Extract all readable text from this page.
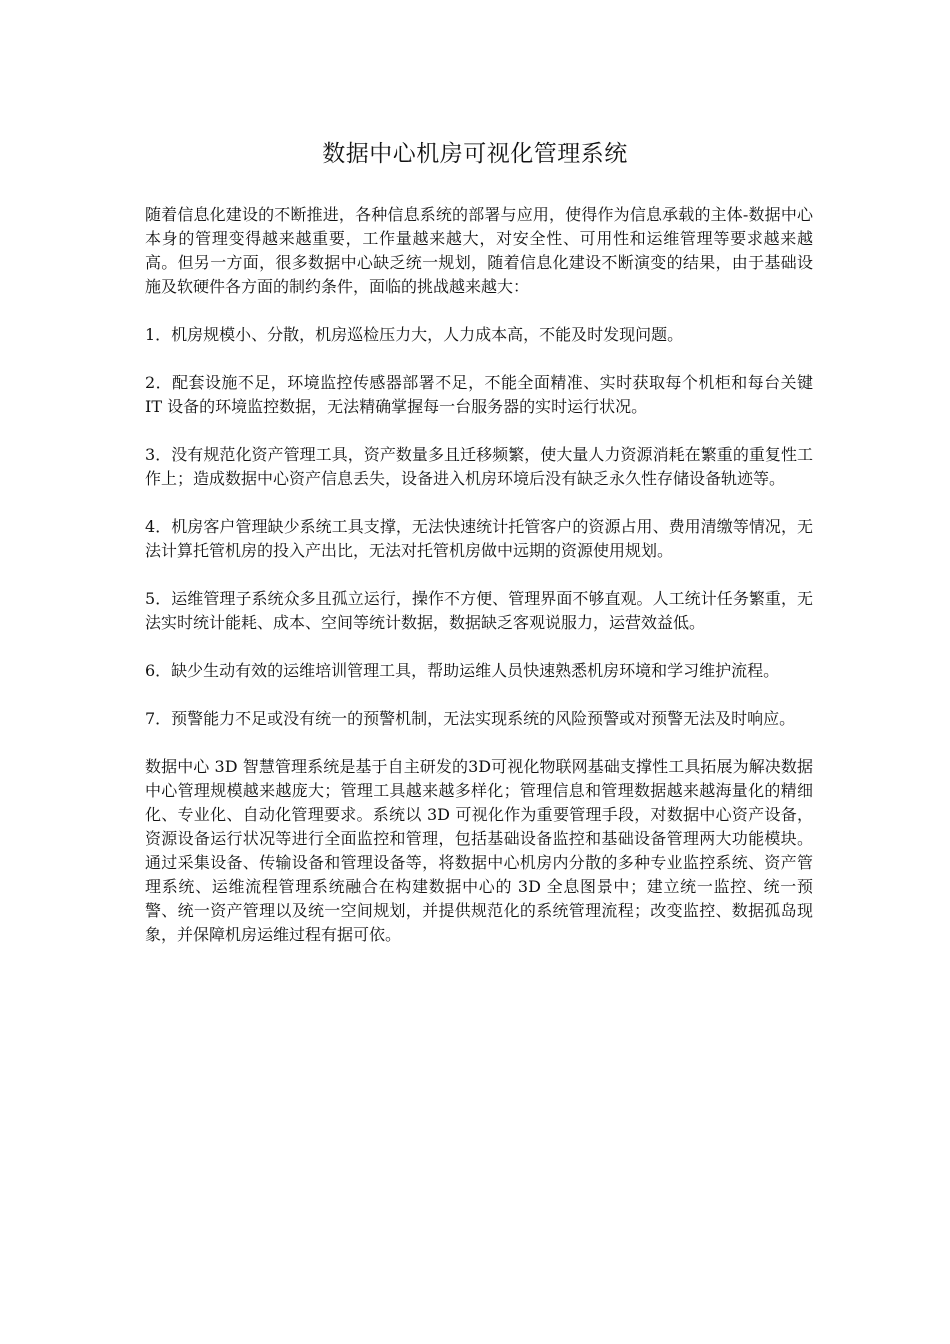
数据中心机房可视化管理系统

随着信息化建设的不断推进，各种信息系统的部署与应用，使得作为信息承载的主体-数据中心本身的管理变得越来越重要，工作量越来越大，对安全性、可用性和运维管理等要求越来越高。但另一方面，很多数据中心缺乏统一规划，随着信息化建设不断演变的结果，由于基础设施及软硬件各方面的制约条件，面临的挑战越来越大：

1．机房规模小、分散，机房巡检压力大，人力成本高，不能及时发现问题。

2．配套设施不足，环境监控传感器部署不足，不能全面精准、实时获取每个机柜和每台关键 IT 设备的环境监控数据，无法精确掌握每一台服务器的实时运行状况。

3．没有规范化资产管理工具，资产数量多且迁移频繁，使大量人力资源消耗在繁重的重复性工作上；造成数据中心资产信息丢失，设备进入机房环境后没有缺乏永久性存储设备轨迹等。

4．机房客户管理缺少系统工具支撑，无法快速统计托管客户的资源占用、费用清缴等情况，无法计算托管机房的投入产出比，无法对托管机房做中远期的资源使用规划。

5．运维管理子系统众多且孤立运行，操作不方便、管理界面不够直观。人工统计任务繁重，无法实时统计能耗、成本、空间等统计数据，数据缺乏客观说服力，运营效益低。

6．缺少生动有效的运维培训管理工具，帮助运维人员快速熟悉机房环境和学习维护流程。

7．预警能力不足或没有统一的预警机制，无法实现系统的风险预警或对预警无法及时响应。

数据中心 3D 智慧管理系统是基于自主研发的3D可视化物联网基础支撑性工具拓展为解决数据中心管理规模越来越庞大；管理工具越来越多样化；管理信息和管理数据越来越海量化的精细化、专业化、自动化管理要求。系统以 3D 可视化作为重要管理手段，对数据中心资产设备，资源设备运行状况等进行全面监控和管理，包括基础设备监控和基础设备管理两大功能模块。通过采集设备、传输设备和管理设备等，将数据中心机房内分散的多种专业监控系统、资产管理系统、运维流程管理系统融合在构建数据中心的 3D 全息图景中；建立统一监控、统一预警、统一资产管理以及统一空间规划，并提供规范化的系统管理流程；改变监控、数据孤岛现象，并保障机房运维过程有据可依。
